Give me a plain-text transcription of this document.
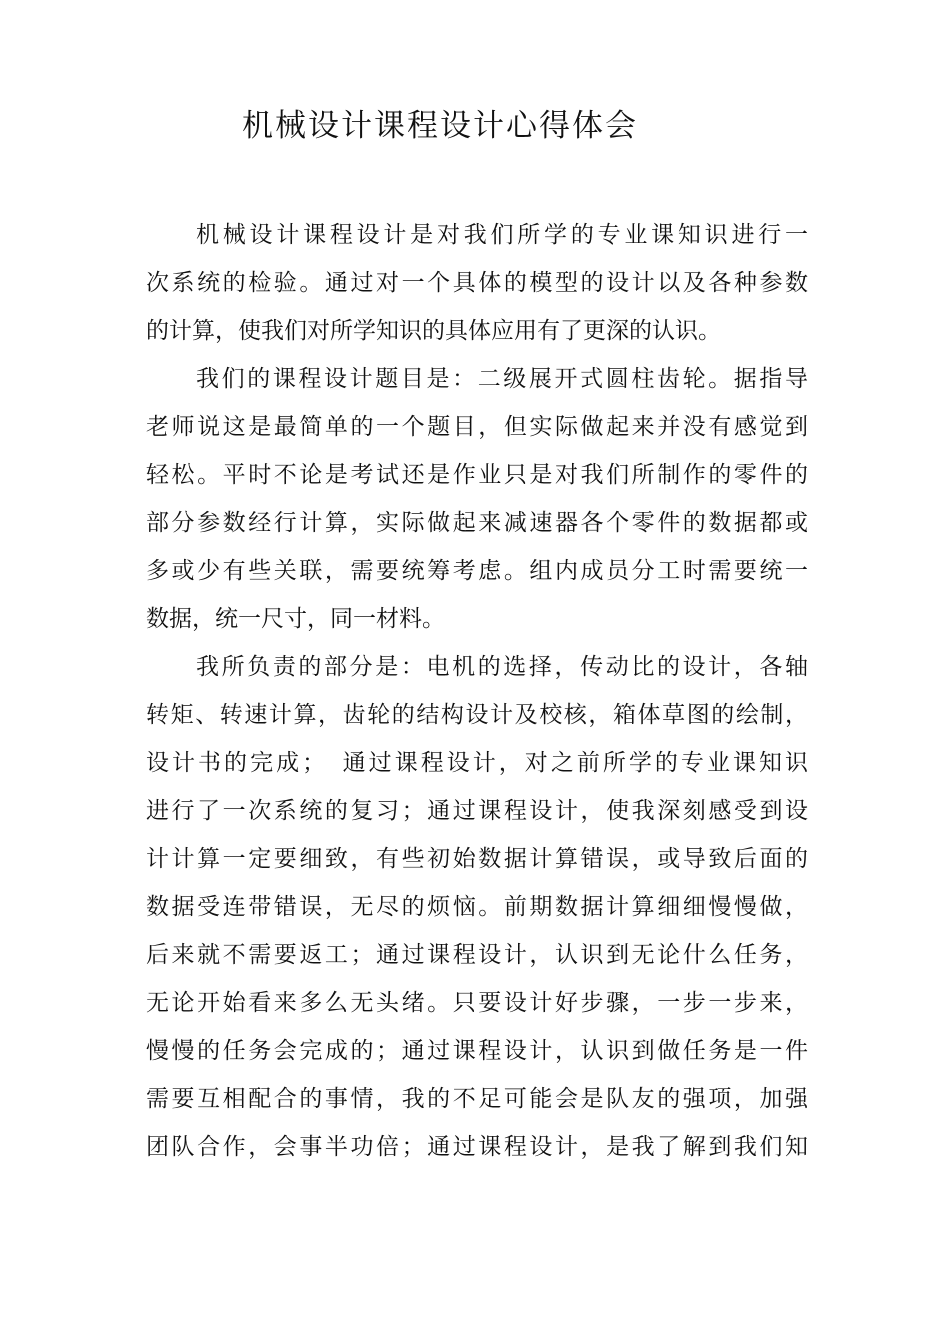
机械设计课程设计心得体会
机械设计课程设计是对我们所学的专业课知识进行一
次系统的检验。通过对一个具体的模型的设计以及各种参数
的计算，使我们对所学知识的具体应用有了更深的认识。
我们的课程设计题目是：二级展开式圆柱齿轮。据指导
老师说这是最简单的一个题目，但实际做起来并没有感觉到
轻松。平时不论是考试还是作业只是对我们所制作的零件的
部分参数经行计算，实际做起来减速器各个零件的数据都或
多或少有些关联，需要统筹考虑。组内成员分工时需要统一
数据，统一尺寸，同一材料。
我所负责的部分是：电机的选择，传动比的设计，各轴
转矩、转速计算，齿轮的结构设计及校核，箱体草图的绘制，
设计书的完成；　通过课程设计，对之前所学的专业课知识
进行了一次系统的复习；通过课程设计，使我深刻感受到设
计计算一定要细致，有些初始数据计算错误，或导致后面的
数据受连带错误，无尽的烦恼。前期数据计算细细慢慢做，
后来就不需要返工；通过课程设计，认识到无论什么任务，
无论开始看来多么无头绪。只要设计好步骤，一步一步来，
慢慢的任务会完成的；通过课程设计，认识到做任务是一件
需要互相配合的事情，我的不足可能会是队友的强项，加强
团队合作，会事半功倍；通过课程设计，是我了解到我们知
